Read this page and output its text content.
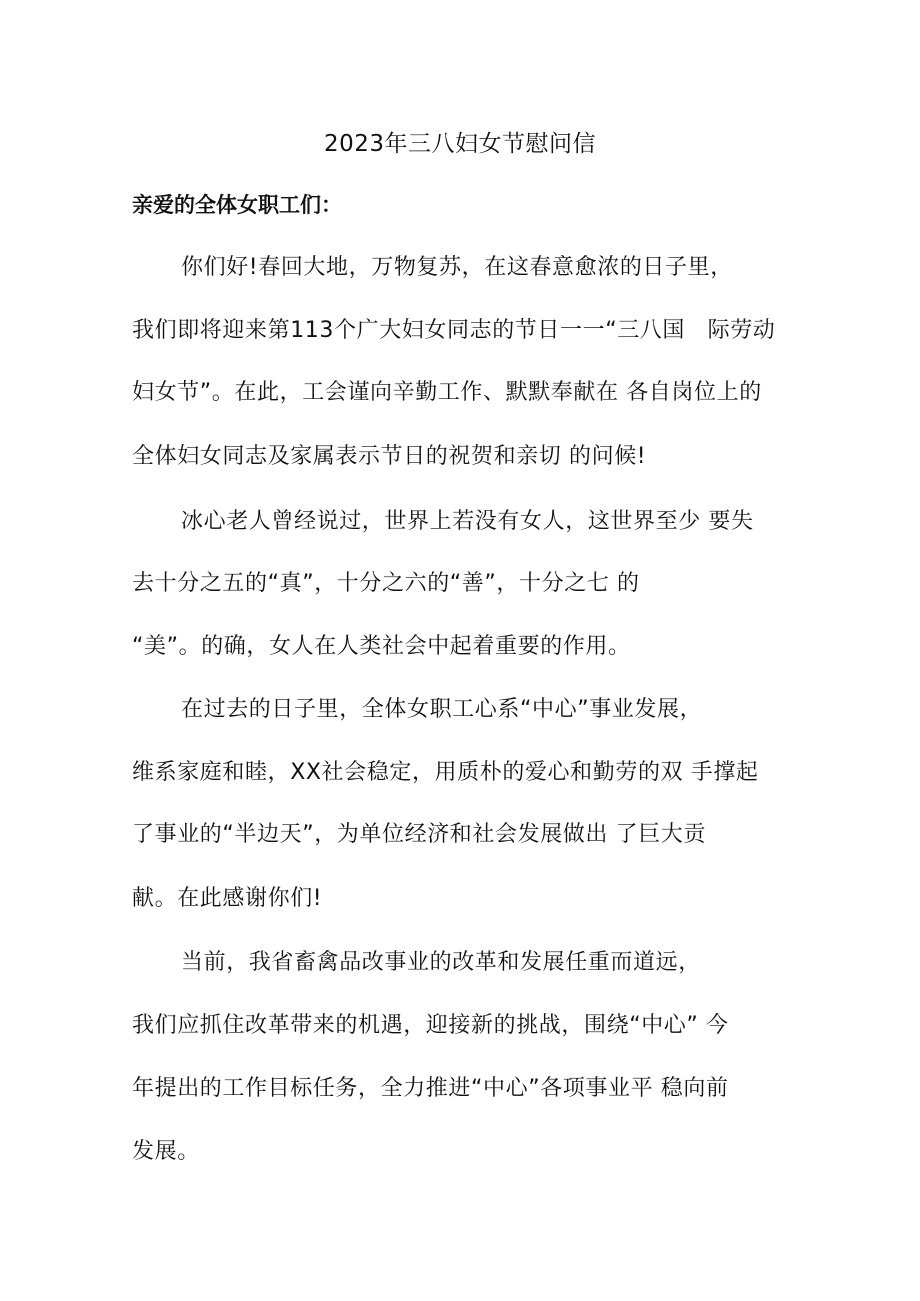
2023年三八妇女节慰问信
亲爱的全体女职工们：
你们好!春回大地，万物复苏，在这春意愈浓的日子里，
我们即将迎来第113个广大妇女同志的节日一一“三八国　际劳动
妇女节”。在此，工会谨向辛勤工作、默默奉献在 各自岗位上的
全体妇女同志及家属表示节日的祝贺和亲切 的问候!
冰心老人曾经说过，世界上若没有女人，这世界至少 要失
去十分之五的“真”，十分之六的“善”，十分之七 的
“美”。的确，女人在人类社会中起着重要的作用。
在过去的日子里，全体女职工心系“中心”事业发展，
维系家庭和睦，XX社会稳定，用质朴的爱心和勤劳的双 手撑起
了事业的“半边天”，为单位经济和社会发展做出 了巨大贡
献。在此感谢你们!
当前，我省畜禽品改事业的改革和发展任重而道远，
我们应抓住改革带来的机遇，迎接新的挑战，围绕“中心” 今
年提出的工作目标任务，全力推进“中心”各项事业平 稳向前
发展。
